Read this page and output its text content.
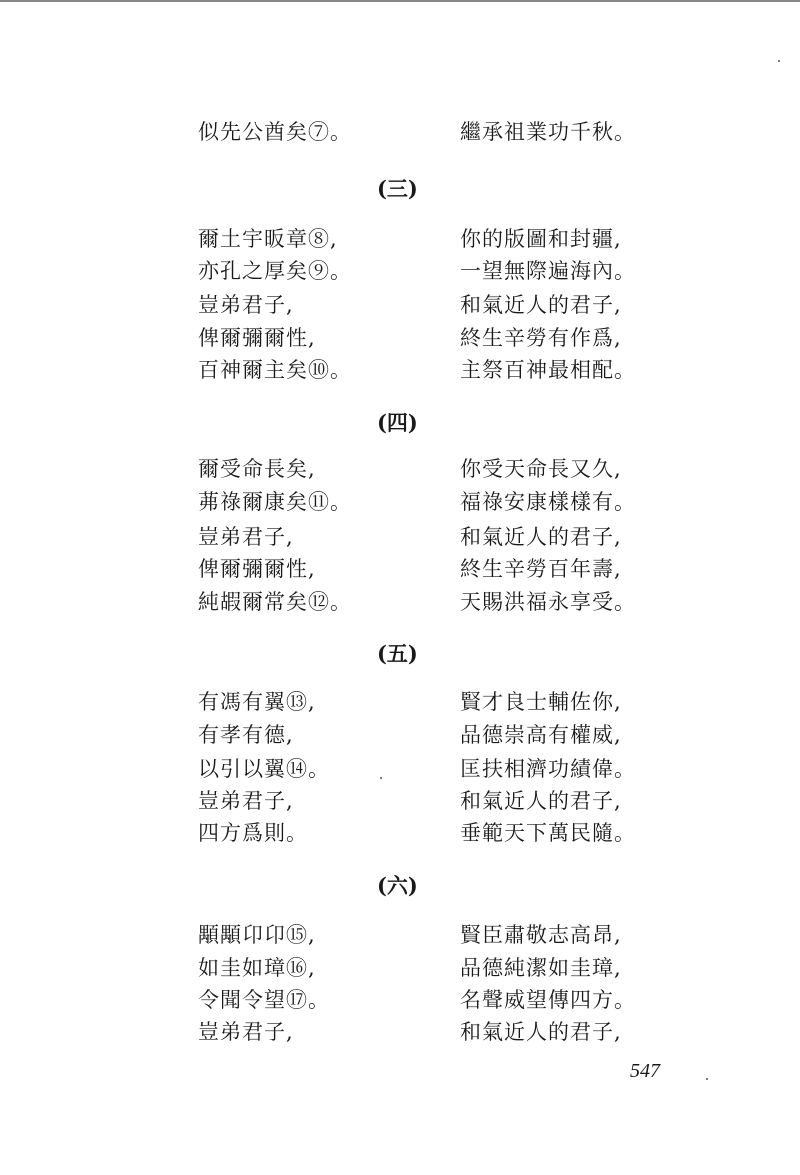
似先公酋矣⑦。	繼承祖業功千秋。
(三)
爾土宇昄章⑧,	你的版圖和封疆,
亦孔之厚矣⑨。	一望無際遍海內。
豈弟君子,	和氣近人的君子,
俾爾彌爾性,	終生辛勞有作爲,
百神爾主矣⑩。	主祭百神最相配。
(四)
爾受命長矣,	你受天命長又久,
茀祿爾康矣⑪。	福祿安康樣樣有。
豈弟君子,	和氣近人的君子,
俾爾彌爾性,	終生辛勞百年壽,
純嘏爾常矣⑫。	天賜洪福永享受。
(五)
有馮有翼⑬,	賢才良士輔佐你,
有孝有德,	品德崇高有權威,
以引以翼⑭。	匡扶相濟功績偉。
豈弟君子,	和氣近人的君子,
四方爲則。	垂範天下萬民隨。
(六)
顒顒卬卬⑮,	賢臣肅敬志高昂,
如圭如璋⑯,	品德純潔如圭璋,
令聞令望⑰。	名聲威望傳四方。
豈弟君子,	和氣近人的君子,
547
